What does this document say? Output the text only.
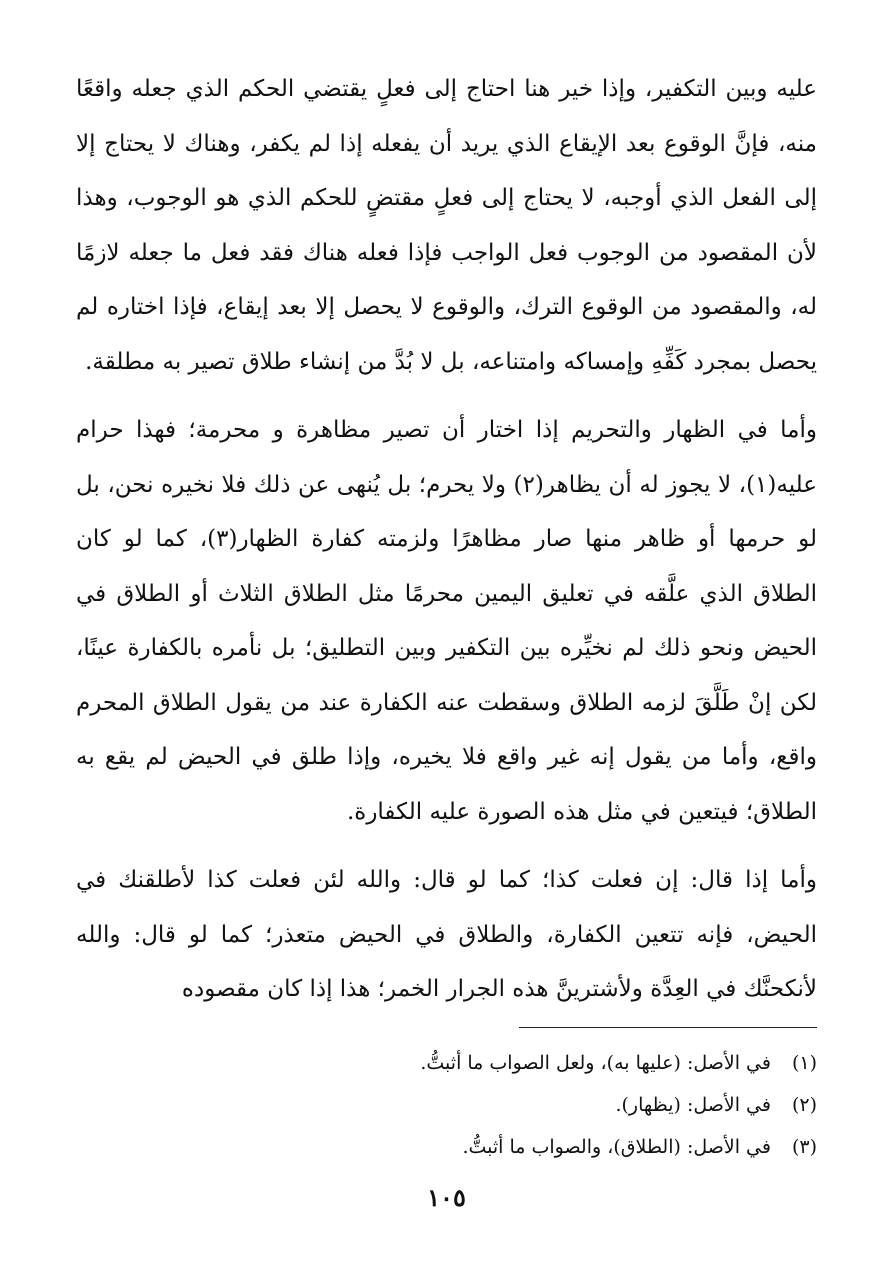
عليه وبين التكفير، وإذا خير هنا احتاج إلى فعلٍ يقتضي الحكم الذي جعله واقعًا منه، فإنَّ الوقوع بعد الإيقاع الذي يريد أن يفعله إذا لم يكفر، وهناك لا يحتاج إلا إلى الفعل الذي أوجبه، لا يحتاج إلى فعلٍ مقتضٍ للحكم الذي هو الوجوب، وهذا لأن المقصود من الوجوب فعل الواجب فإذا فعله هناك فقد فعل ما جعله لازمًا له، والمقصود من الوقوع الترك، والوقوع لا يحصل إلا بعد إيقاع، فإذا اختاره لم يحصل بمجرد كَفِّهِ وإمساكه وامتناعه، بل لا بُدَّ من إنشاء طلاق تصير به مطلقة.

وأما في الظهار والتحريم إذا اختار أن تصير مظاهرة و محرمة؛ فهذا حرام عليه(١)، لا يجوز له أن يظاهر(٢) ولا يحرم؛ بل يُنهى عن ذلك فلا نخيره نحن، بل لو حرمها أو ظاهر منها صار مظاهرًا ولزمته كفارة الظهار(٣)، كما لو كان الطلاق الذي علَّقه في تعليق اليمين محرمًا مثل الطلاق الثلاث أو الطلاق في الحيض ونحو ذلك لم نخيِّره بين التكفير وبين التطليق؛ بل نأمره بالكفارة عينًا، لكن إنْ طَلَّقَ لزمه الطلاق وسقطت عنه الكفارة عند من يقول الطلاق المحرم واقع، وأما من يقول إنه غير واقع فلا يخيره، وإذا طلق في الحيض لم يقع به الطلاق؛ فيتعين في مثل هذه الصورة عليه الكفارة.

وأما إذا قال: إن فعلت كذا؛ كما لو قال: والله لئن فعلت كذا لأطلقنك في الحيض، فإنه تتعين الكفارة، والطلاق في الحيض متعذر؛ كما لو قال: والله لأنكحنَّك في العِدَّة ولأشترينَّ هذه الجرار الخمر؛ هذا إذا كان مقصوده

(١) في الأصل: (عليها به)، ولعل الصواب ما أثبتُّ.
(٢) في الأصل: (يظهار).
(٣) في الأصل: (الطلاق)، والصواب ما أثبتُّ.
١٠٥
